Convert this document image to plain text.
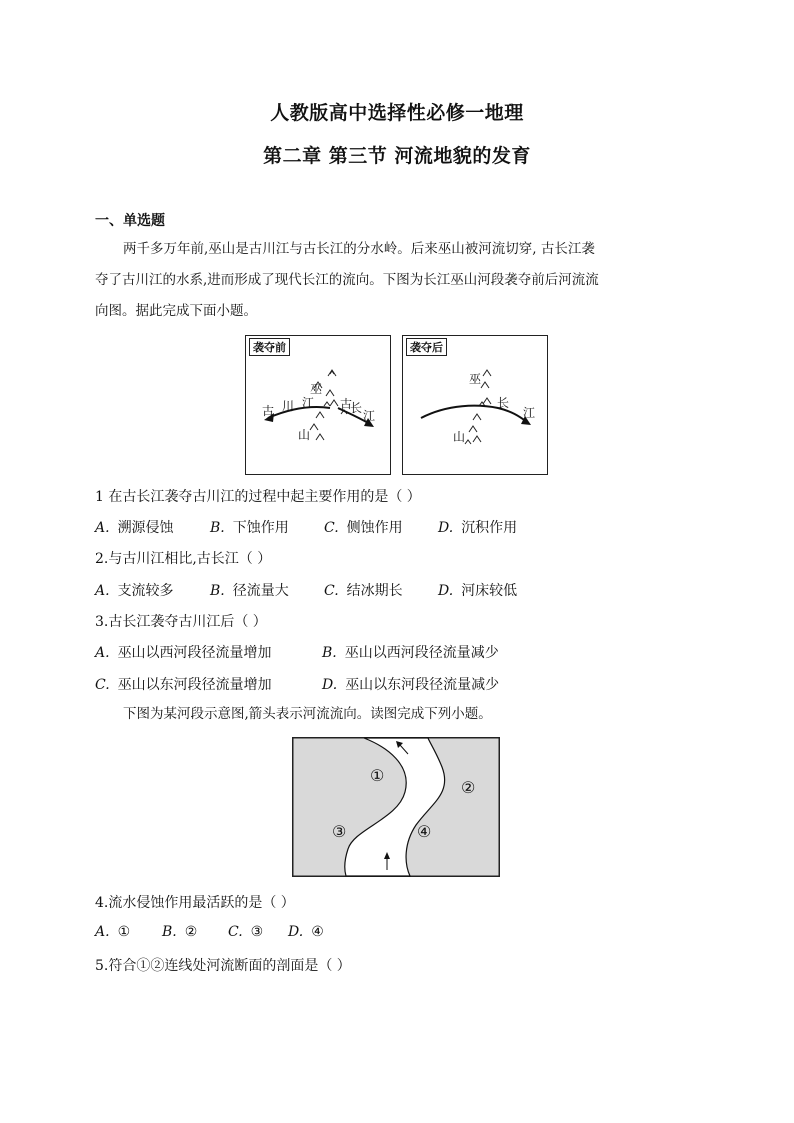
人教版高中选择性必修一地理
第二章 第三节 河流地貌的发育
一、单选题
两千多万年前,巫山是古川江与古长江的分水岭。后来巫山被河流切穿, 古长江袭
夺了古川江的水系,进而形成了现代长江的流向。下图为长江巫山河段袭夺前后河流流
向图。据此完成下面小题。
袭夺前
巫
山
古 川 江 古
长
江
袭夺后
巫
山
长
江
1 在古长江袭夺古川江的过程中起主要作用的是（ ）
A. 溯源侵蚀	B. 下蚀作用	C. 侧蚀作用	D. 沉积作用
2.与古川江相比,古长江（ ）
A. 支流较多	B. 径流量大	C. 结冰期长	D. 河床较低
3.古长江袭夺古川江后（ ）
A. 巫山以西河段径流量增加	B. 巫山以西河段径流量减少
C. 巫山以东河段径流量增加	D. 巫山以东河段径流量减少
下图为某河段示意图,箭头表示河流流向。读图完成下列小题。
①
②
③	④
4.流水侵蚀作用最活跃的是（ ）
A. ① B. ② C. ③ D. ④
5.符合①②连线处河流断面的剖面是（ ）
